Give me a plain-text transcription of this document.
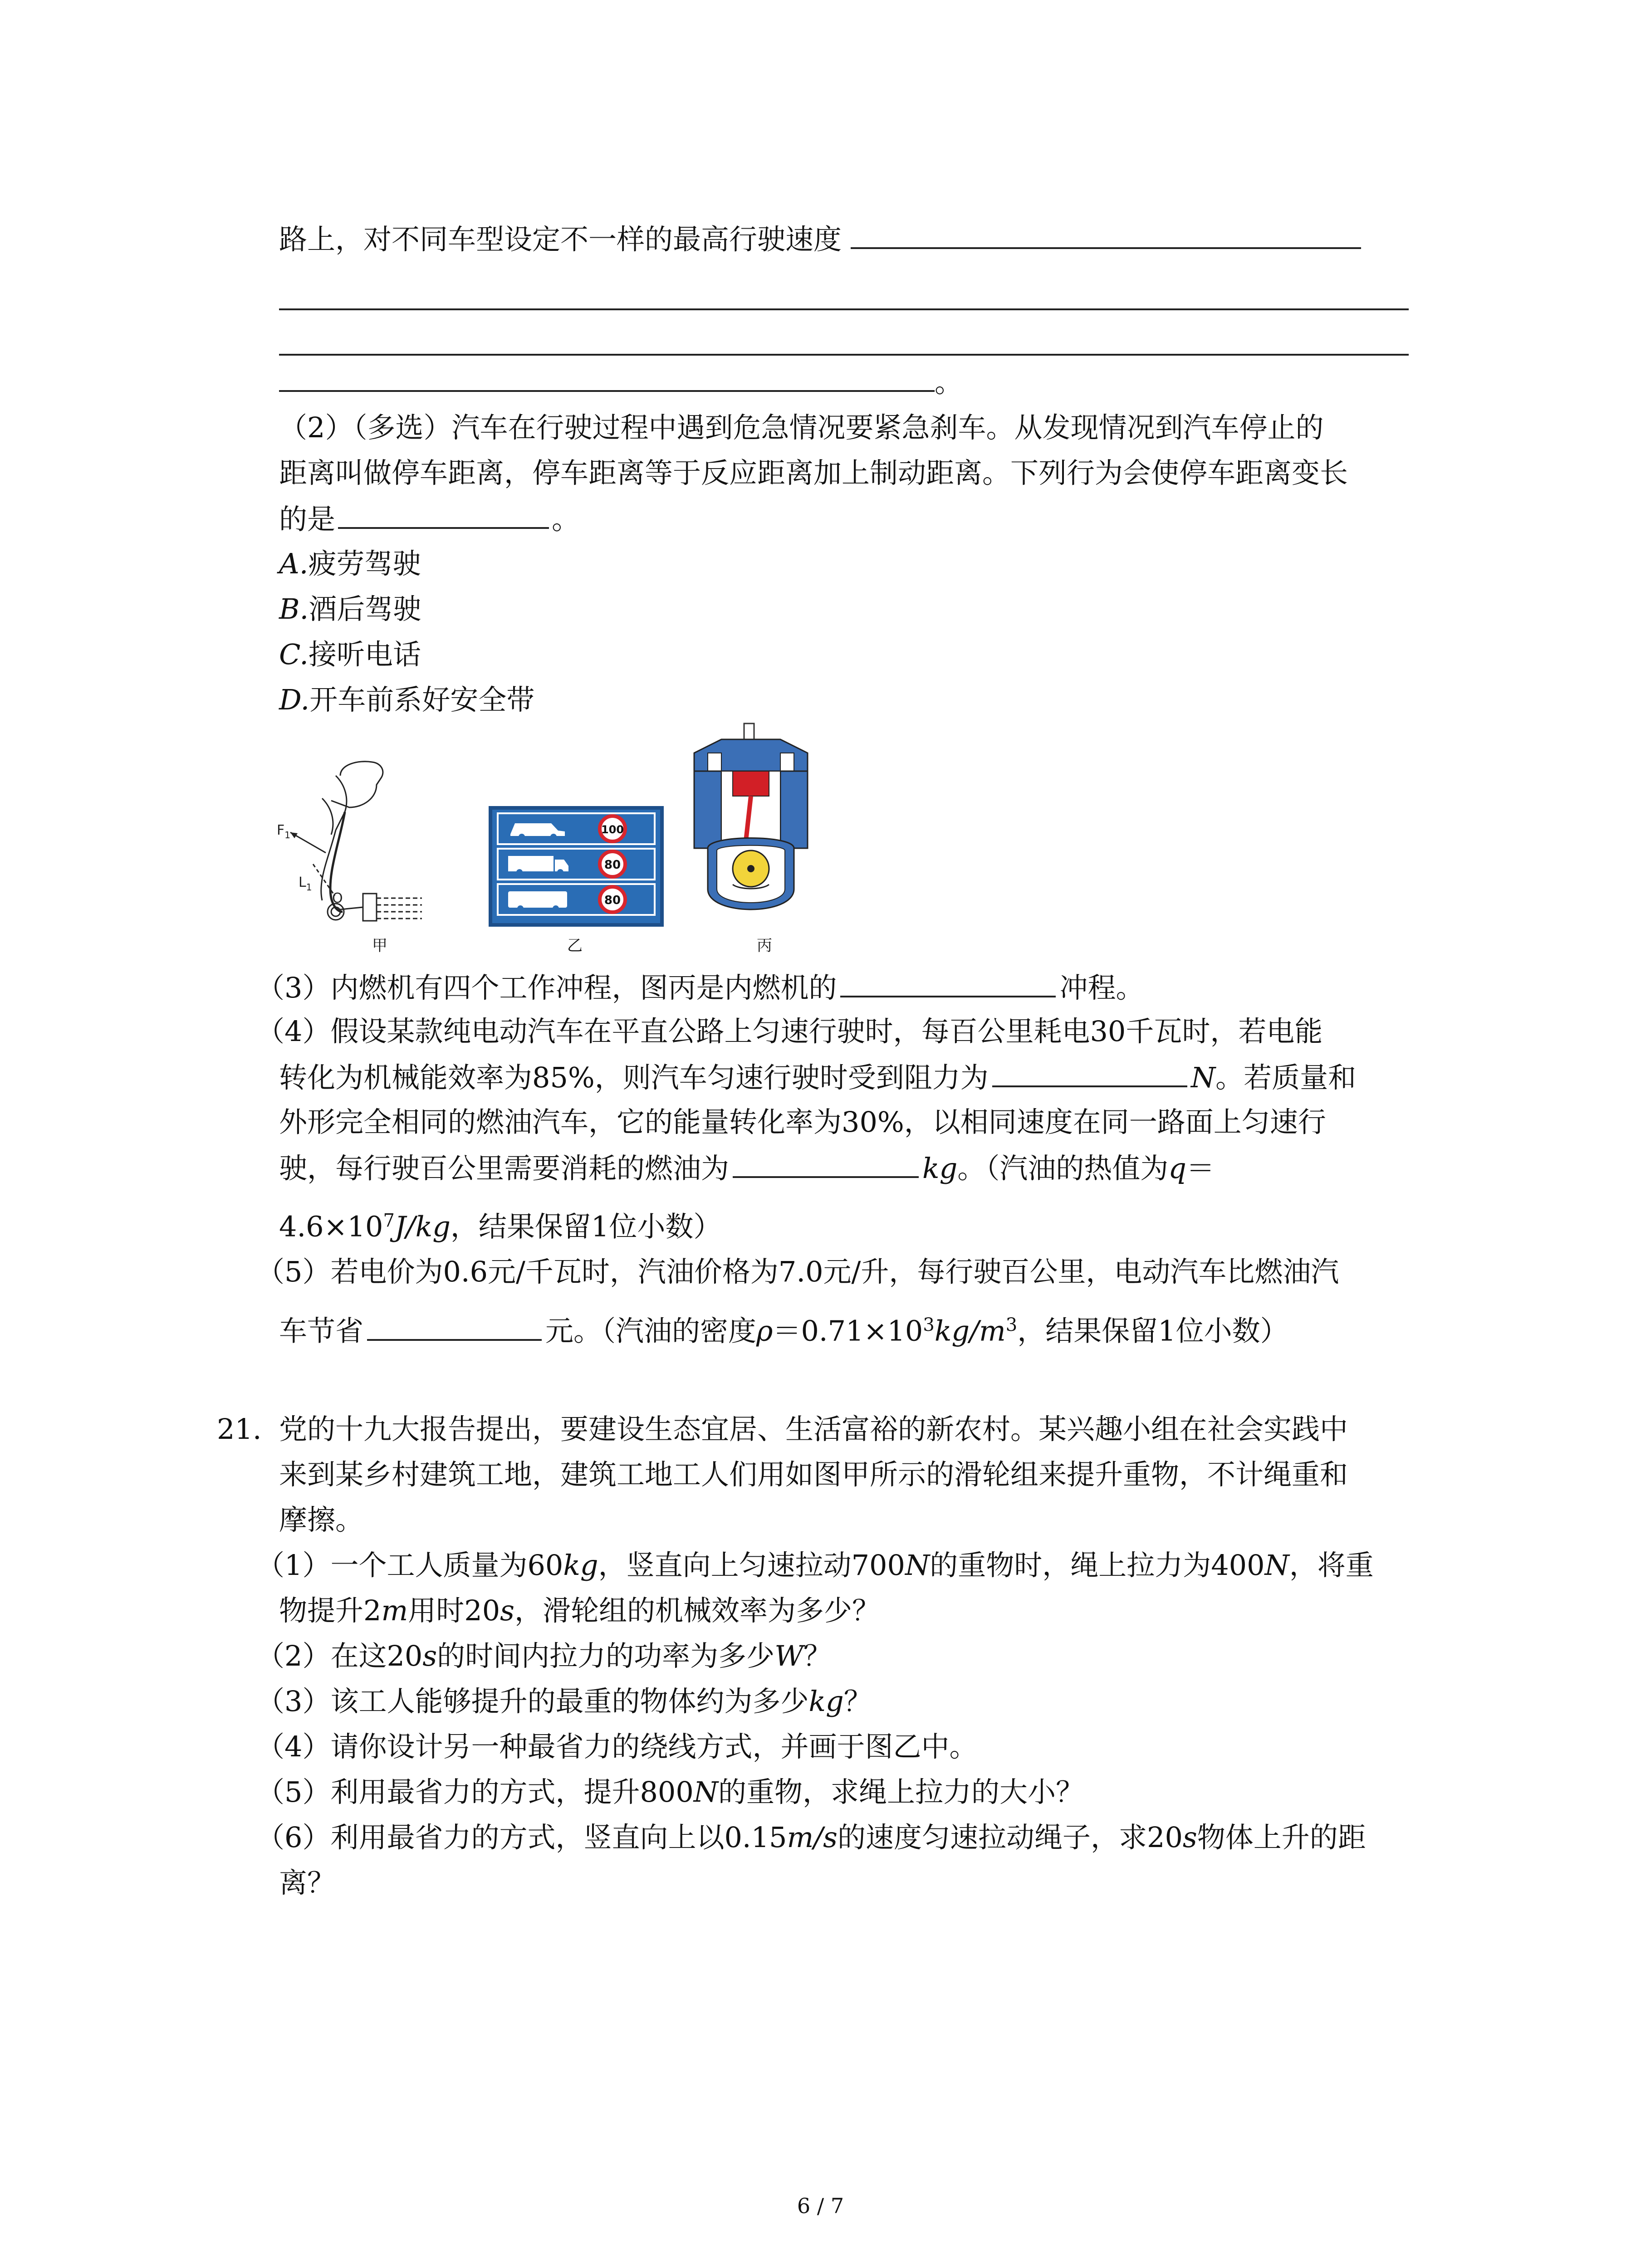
路上，对不同车型设定不一样的最高行驶速度
。
（2）（多选）汽车在行驶过程中遇到危急情况要紧急刹车。从发现情况到汽车停止的
距离叫做停车距离，停车距离等于反应距离加上制动距离。下列行为会使停车距离变长
的是	。
A.疲劳驾驶
B.酒后驾驶
C.接听电话
D.开车前系好安全带
$F_1$
$L_1$
O
甲
100
80
80
乙	丙
（3）内燃机有四个工作冲程，图丙是内燃机的	冲程。
（4）假设某款纯电动汽车在平直公路上匀速行驶时，每百公里耗电30千瓦时，若电能
转化为机械能效率为85%，则汽车匀速行驶时受到阻力为	N。若质量和
外形完全相同的燃油汽车，它的能量转化率为30%，以相同速度在同一路面上匀速行
驶，每行驶百公里需要消耗的燃油为	kg。（汽油的热值为q＝
$4.6\times 10^7J/kg$，结果保留1位小数）
（5）若电价为0.6元/千瓦时，汽油价格为7.0元/升，每行驶百公里，电动汽车比燃油汽
车节省	元。（汽油的密度$\rho=0.71\times 10^3kg/m^3$，结果保留1位小数）
21. 党的十九大报告提出，要建设生态宜居、生活富裕的新农村。某兴趣小组在社会实践中
来到某乡村建筑工地，建筑工地工人们用如图甲所示的滑轮组来提升重物，不计绳重和
摩擦。
（1）一个工人质量为60kg，竖直向上匀速拉动700N的重物时，绳上拉力为400N，将重
物提升2m用时20s，滑轮组的机械效率为多少？
（2）在这20s的时间内拉力的功率为多少W？
（3）该工人能够提升的最重的物体约为多少kg？
（4）请你设计另一种最省力的绕线方式，并画于图乙中。
（5）利用最省力的方式，提升800N的重物，求绳上拉力的大小？
（6）利用最省力的方式，竖直向上以0.15m/s的速度匀速拉动绳子，求20s物体上升的距
离？
6 / 7
